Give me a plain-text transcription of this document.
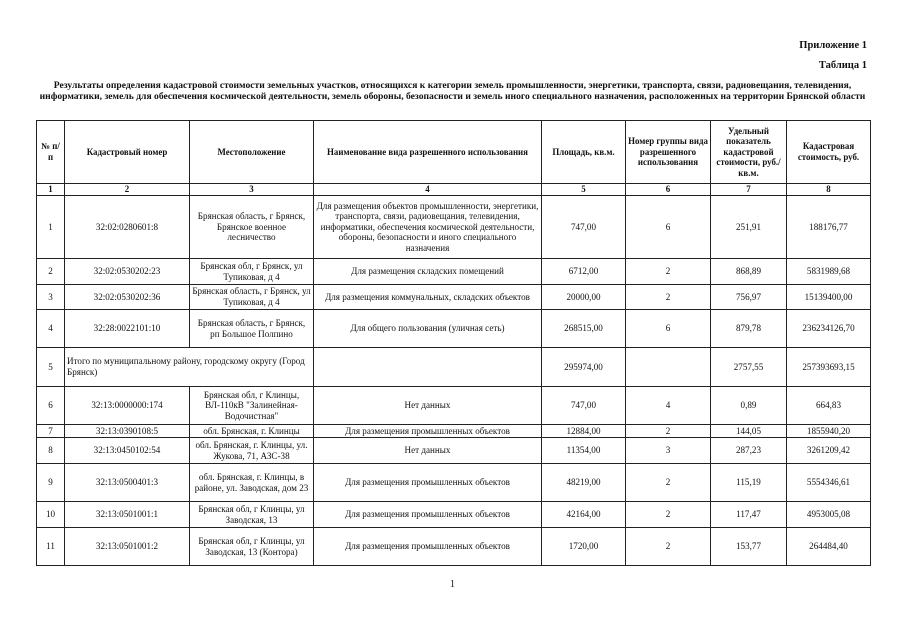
Приложение 1
Таблица 1
Результаты определения кадастровой стоимости земельных участков, относящихся к категории земель промышленности, энергетики, транспорта, связи, радиовещания, телевидения, информатики, земель для обеспечения космической деятельности, земель обороны, безопасности и земель иного специального назначения, расположенных на территории Брянской области
№ п/п	Кадастровый номер	Местоположение	Наименование вида разрешенного использования	Площадь, кв.м.	Номер группы вида разрешенного использования	Удельный показатель кадастровой стоимости, руб./кв.м.	Кадастровая стоимость, руб.
1	2	3	4	5	6	7	8
1	32:02:0280601:8	Брянская область, г Брянск, Брянское военное лесничество	Для размещения объектов промышленности, энергетики, транспорта, связи, радиовещания, телевидения, информатики, обеспечения космической деятельности, обороны, безопасности и иного специального назначения	747,00	6	251,91	188176,77
2	32:02:0530202:23	Брянская обл, г Брянск, ул Тупиковая, д 4	Для размещения складских помещений	6712,00	2	868,89	5831989,68
3	32:02:0530202:36	Брянская область, г Брянск, ул Тупиковая, д 4	Для размещения коммунальных, складских объектов	20000,00	2	756,97	15139400,00
4	32:28:0022101:10	Брянская область, г Брянск, рп Большое Полпино	Для общего пользования (уличная сеть)	268515,00	6	879,78	236234126,70
5	Итого по муниципальному району, городскому округу (Город Брянск)			295974,00		2757,55	257393693,15
6	32:13:0000000:174	Брянская обл, г Клинцы, ВЛ-110кВ "Залинейная-Водочистная"	Нет данных	747,00	4	0,89	664,83
7	32:13:0390108:5	обл. Брянская, г. Клинцы	Для размещения промышленных объектов	12884,00	2	144,05	1855940,20
8	32:13:0450102:54	обл. Брянская, г. Клинцы, ул. Жукова, 71, АЗС-38	Нет данных	11354,00	3	287,23	3261209,42
9	32:13:0500401:3	обл. Брянская, г. Клинцы, в районе, ул. Заводская, дом 23	Для размещения промышленных объектов	48219,00	2	115,19	5554346,61
10	32:13:0501001:1	Брянская обл, г Клинцы, ул Заводская, 13	Для размещения промышленных объектов	42164,00	2	117,47	4953005,08
11	32:13:0501001:2	Брянская обл, г Клинцы, ул Заводская, 13 (Контора)	Для размещения промышленных объектов	1720,00	2	153,77	264484,40
1
